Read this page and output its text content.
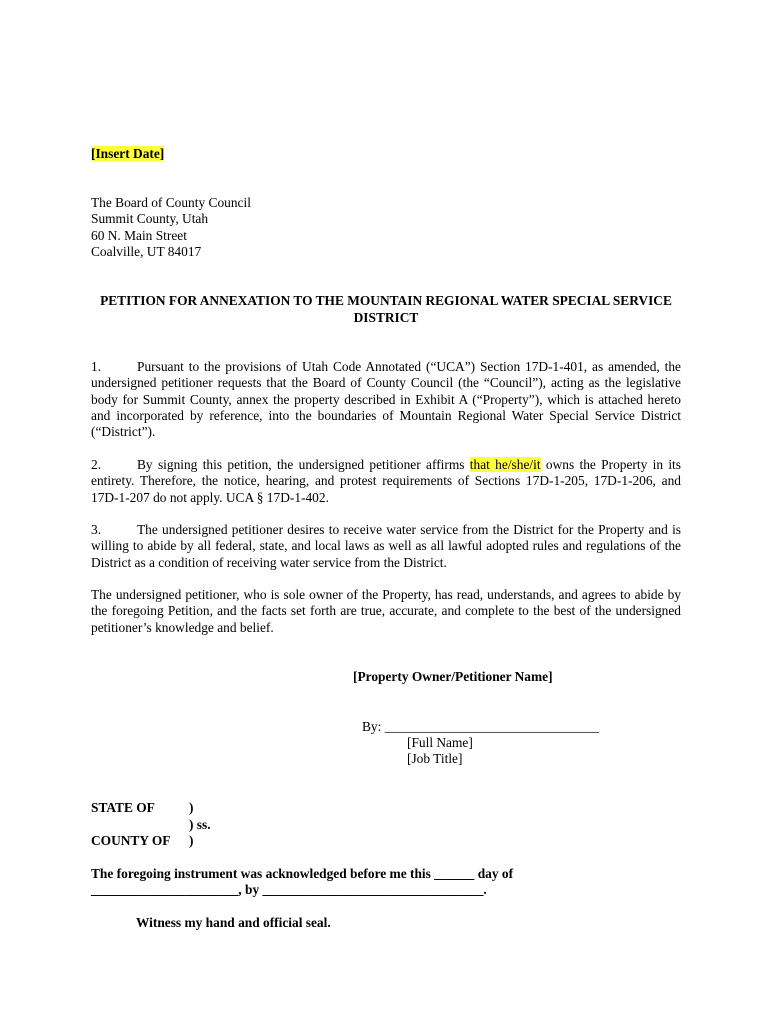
[Insert Date]
The Board of County Council
Summit County, Utah
60 N. Main Street
Coalville, UT 84017
PETITION FOR ANNEXATION TO THE MOUNTAIN REGIONAL WATER SPECIAL SERVICE DISTRICT
1.	Pursuant to the provisions of Utah Code Annotated (“UCA”) Section 17D-1-401, as amended, the undersigned petitioner requests that the Board of County Council (the “Council”), acting as the legislative body for Summit County, annex the property described in Exhibit A (“Property”), which is attached hereto and incorporated by reference, into the boundaries of Mountain Regional Water Special Service District (“District”).
2.	By signing this petition, the undersigned petitioner affirms that he/she/it owns the Property in its entirety. Therefore, the notice, hearing, and protest requirements of Sections 17D-1-205, 17D-1-206, and 17D-1-207 do not apply. UCA § 17D-1-402.
3.	The undersigned petitioner desires to receive water service from the District for the Property and is willing to abide by all federal, state, and local laws as well as all lawful adopted rules and regulations of the District as a condition of receiving water service from the District.
The undersigned petitioner, who is sole owner of the Property, has read, understands, and agrees to abide by the foregoing Petition, and the facts set forth are true, accurate, and complete to the best of the undersigned petitioner’s knowledge and belief.
[Property Owner/Petitioner Name]
By: ________________________________
[Full Name]
[Job Title]
STATE OF	)
) ss.
COUNTY OF )
The foregoing instrument was acknowledged before me this ______ day of
______________________, by _________________________________.
Witness my hand and official seal.
